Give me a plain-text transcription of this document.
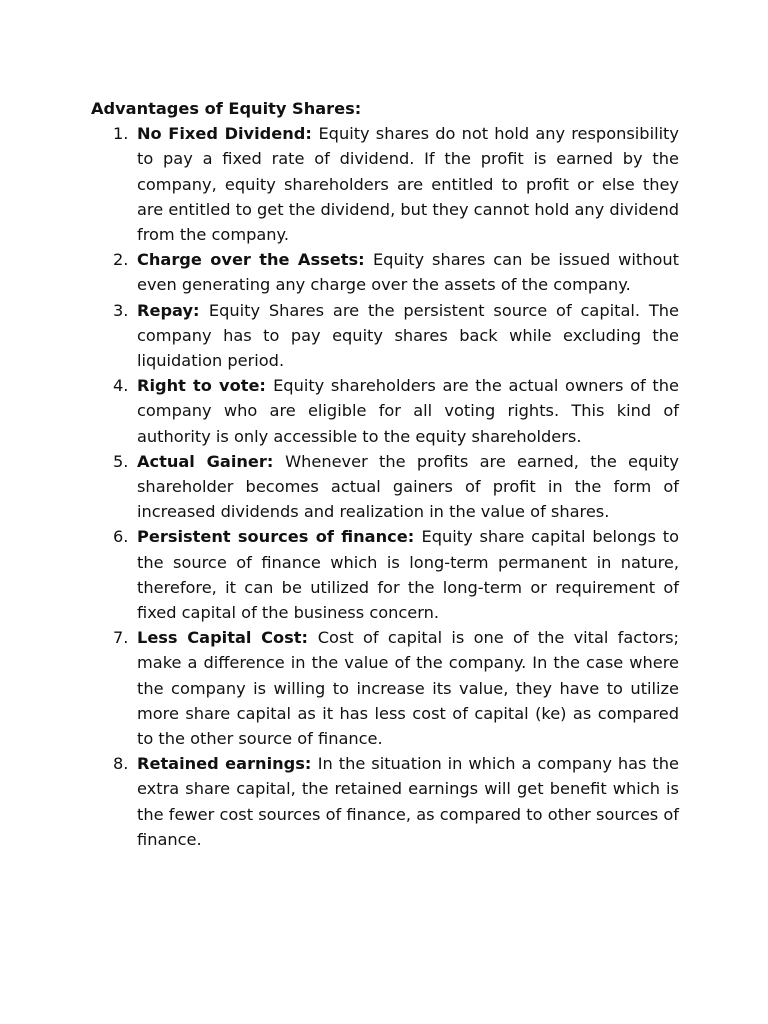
Advantages of Equity Shares:

1. No Fixed Dividend: Equity shares do not hold any responsibility to pay a fixed rate of dividend. If the profit is earned by the company, equity shareholders are entitled to profit or else they are entitled to get the dividend, but they cannot hold any dividend from the company.
2. Charge over the Assets: Equity shares can be issued without even generating any charge over the assets of the company.
3. Repay: Equity Shares are the persistent source of capital. The company has to pay equity shares back while excluding the liquidation period.
4. Right to vote: Equity shareholders are the actual owners of the company who are eligible for all voting rights. This kind of authority is only accessible to the equity shareholders.
5. Actual Gainer: Whenever the profits are earned, the equity shareholder becomes actual gainers of profit in the form of increased dividends and realization in the value of shares.
6. Persistent sources of finance: Equity share capital belongs to the source of finance which is long-term permanent in nature, therefore, it can be utilized for the long-term or requirement of fixed capital of the business concern.
7. Less Capital Cost: Cost of capital is one of the vital factors; make a difference in the value of the company. In the case where the company is willing to increase its value, they have to utilize more share capital as it has less cost of capital (ke) as compared to the other source of finance.
8. Retained earnings: In the situation in which a company has the extra share capital, the retained earnings will get benefit which is the fewer cost sources of finance, as compared to other sources of finance.
